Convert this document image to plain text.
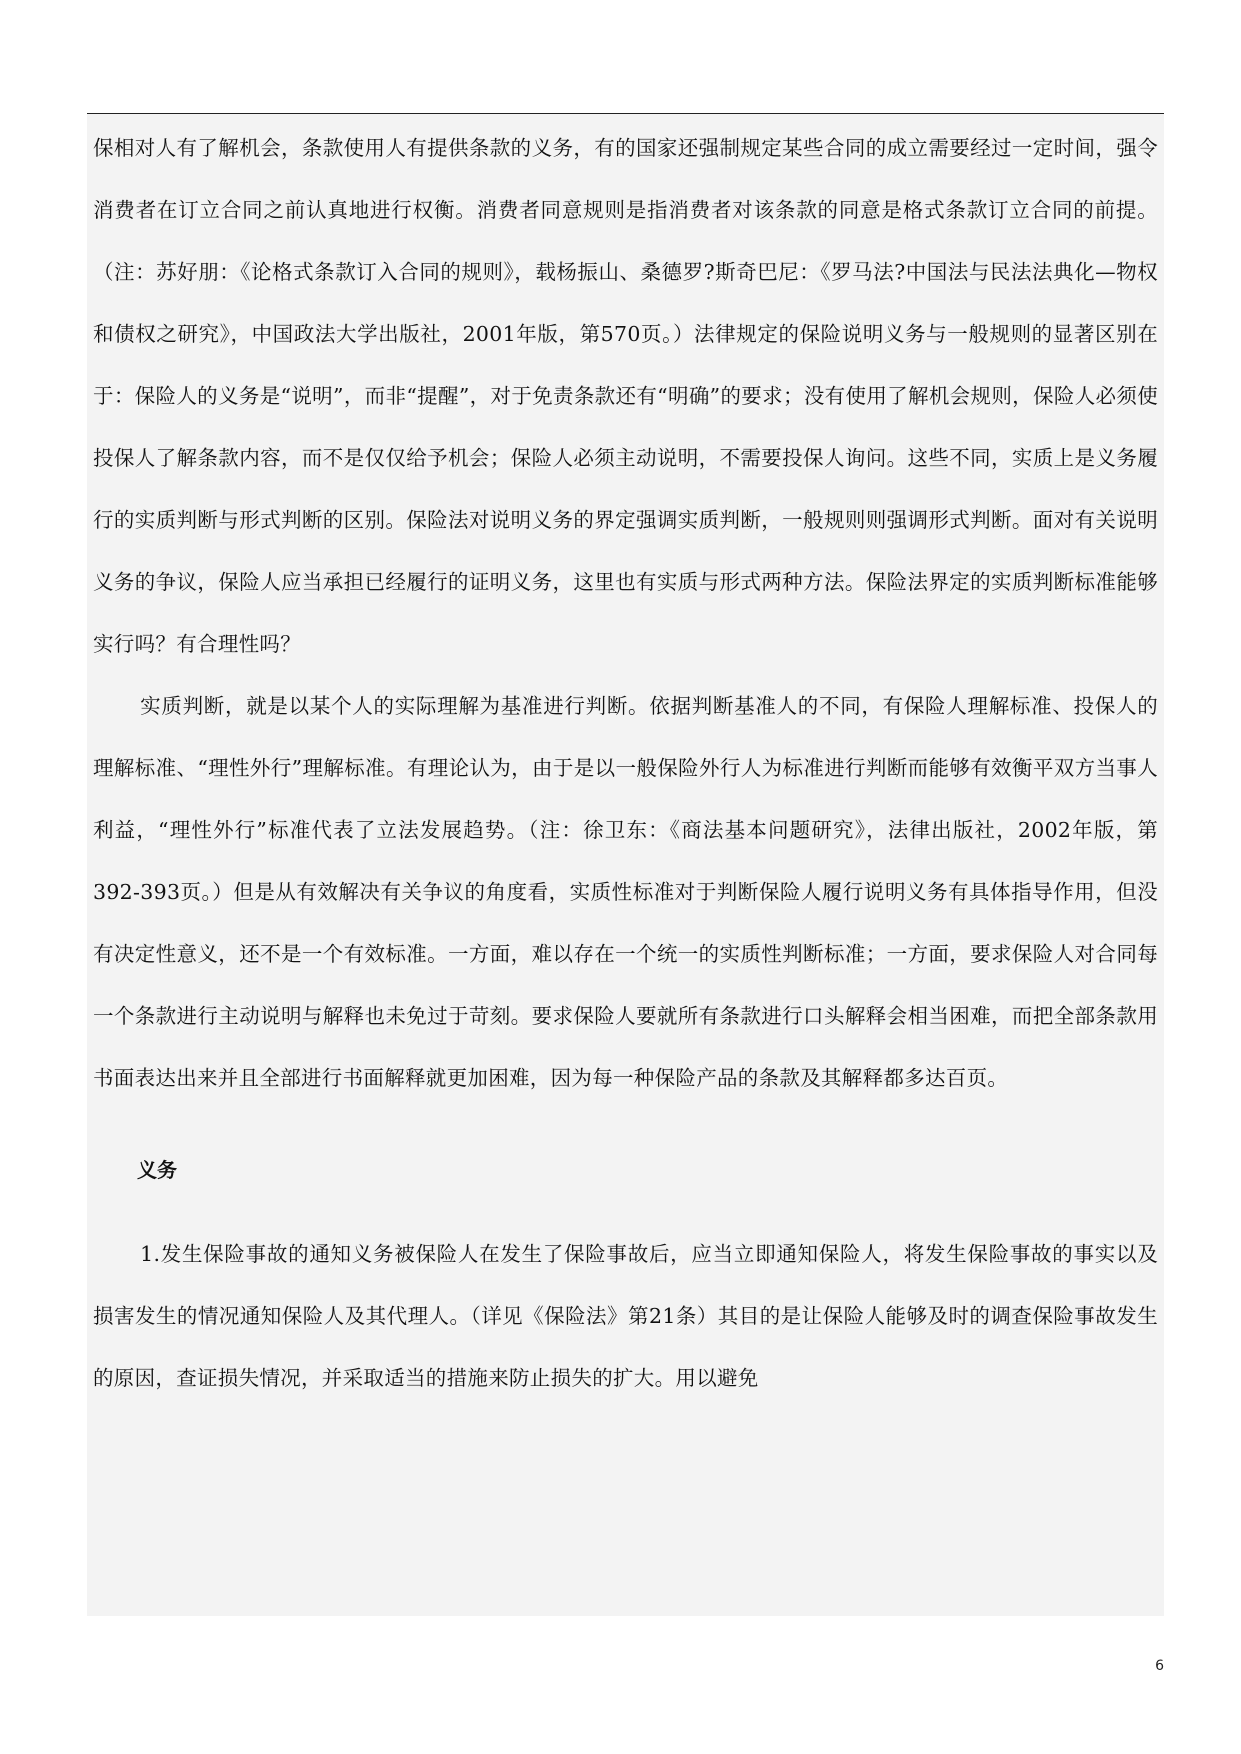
保相对人有了解机会，条款使用人有提供条款的义务，有的国家还强制规定某些合同的成立需要经过一定时间，强令消费者在订立合同之前认真地进行权衡。消费者同意规则是指消费者对该条款的同意是格式条款订立合同的前提。（注：苏好朋：《论格式条款订入合同的规则》，载杨振山、桑德罗?斯奇巴尼：《罗马法?中国法与民法法典化—物权和债权之研究》，中国政法大学出版社，2001年版，第570页。）法律规定的保险说明义务与一般规则的显著区别在于：保险人的义务是“说明”，而非“提醒”，对于免责条款还有“明确”的要求；没有使用了解机会规则，保险人必须使投保人了解条款内容，而不是仅仅给予机会；保险人必须主动说明，不需要投保人询问。这些不同，实质上是义务履行的实质判断与形式判断的区别。保险法对说明义务的界定强调实质判断，一般规则则强调形式判断。面对有关说明义务的争议，保险人应当承担已经履行的证明义务，这里也有实质与形式两种方法。保险法界定的实质判断标准能够实行吗？有合理性吗？

实质判断，就是以某个人的实际理解为基准进行判断。依据判断基准人的不同，有保险人理解标准、投保人的理解标准、“理性外行”理解标准。有理论认为，由于是以一般保险外行人为标准进行判断而能够有效衡平双方当事人利益，“理性外行”标准代表了立法发展趋势。（注：徐卫东：《商法基本问题研究》，法律出版社，2002年版，第392-393页。）但是从有效解决有关争议的角度看，实质性标准对于判断保险人履行说明义务有具体指导作用，但没有决定性意义，还不是一个有效标准。一方面，难以存在一个统一的实质性判断标准；一方面，要求保险人对合同每一个条款进行主动说明与解释也未免过于苛刻。要求保险人要就所有条款进行口头解释会相当困难，而把全部条款用书面表达出来并且全部进行书面解释就更加困难，因为每一种保险产品的条款及其解释都多达百页。

义务

1.发生保险事故的通知义务被保险人在发生了保险事故后，应当立即通知保险人，将发生保险事故的事实以及损害发生的情况通知保险人及其代理人。（详见《保险法》第21条）其目的是让保险人能够及时的调查保险事故发生的原因，查证损失情况，并采取适当的措施来防止损失的扩大。用以避免

6
